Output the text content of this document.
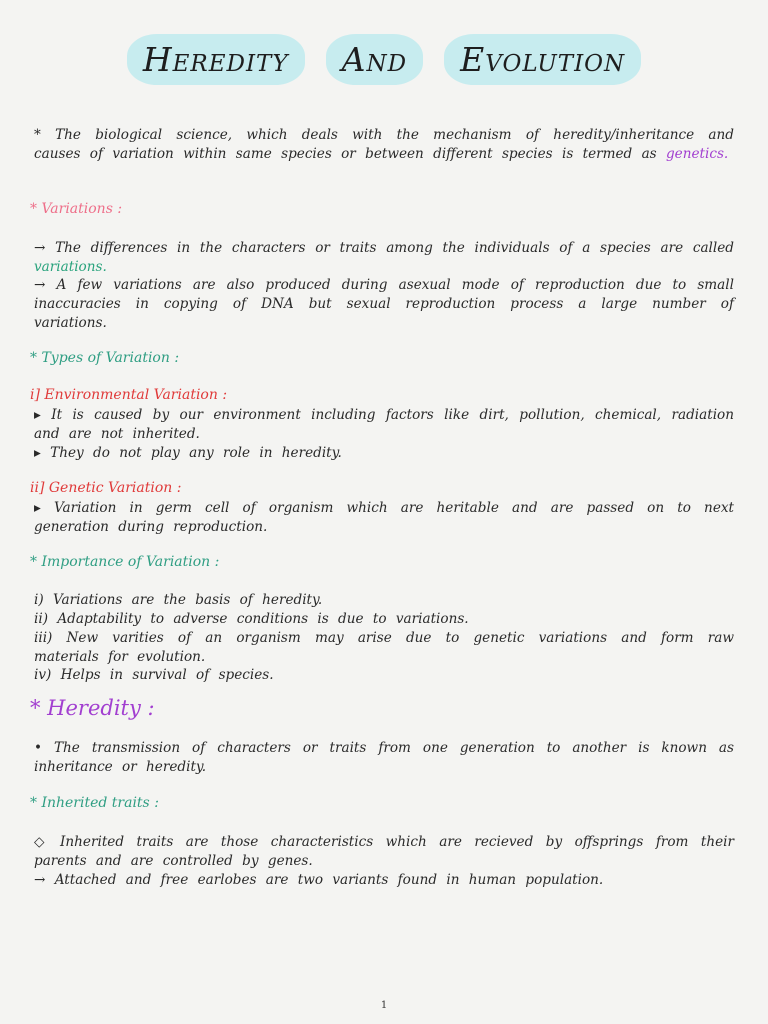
Heredity And Evolution
* The biological science, which deals with the mechanism of heredity/inheritance and causes of variation within same species or between different species is termed as genetics.
* Variations :
→ The differences in the characters or traits among the individuals of a species are called variations.
→ A few variations are also produced during asexual mode of reproduction due to small inaccuracies in copying of DNA but sexual reproduction process a large number of variations.
* Types of Variation :
i] Environmental Variation :
▸ It is caused by our environment including factors like dirt, pollution, chemical, radiation and are not inherited.
▸ They do not play any role in heredity.
ii] Genetic Variation :
▸ Variation in germ cell of organism which are heritable and are passed on to next generation during reproduction.
* Importance of Variation :
i) Variations are the basis of heredity.
ii) Adaptability to adverse conditions is due to variations.
iii) New varities of an organism may arise due to genetic variations and form raw materials for evolution.
iv) Helps in survival of species.
* Heredity :
• The transmission of characters or traits from one generation to another is known as inheritance or heredity.
* Inherited traits :
◇ Inherited traits are those characteristics which are recieved by offsprings from their parents and are controlled by genes.
→ Attached and free earlobes are two variants found in human population.
1
